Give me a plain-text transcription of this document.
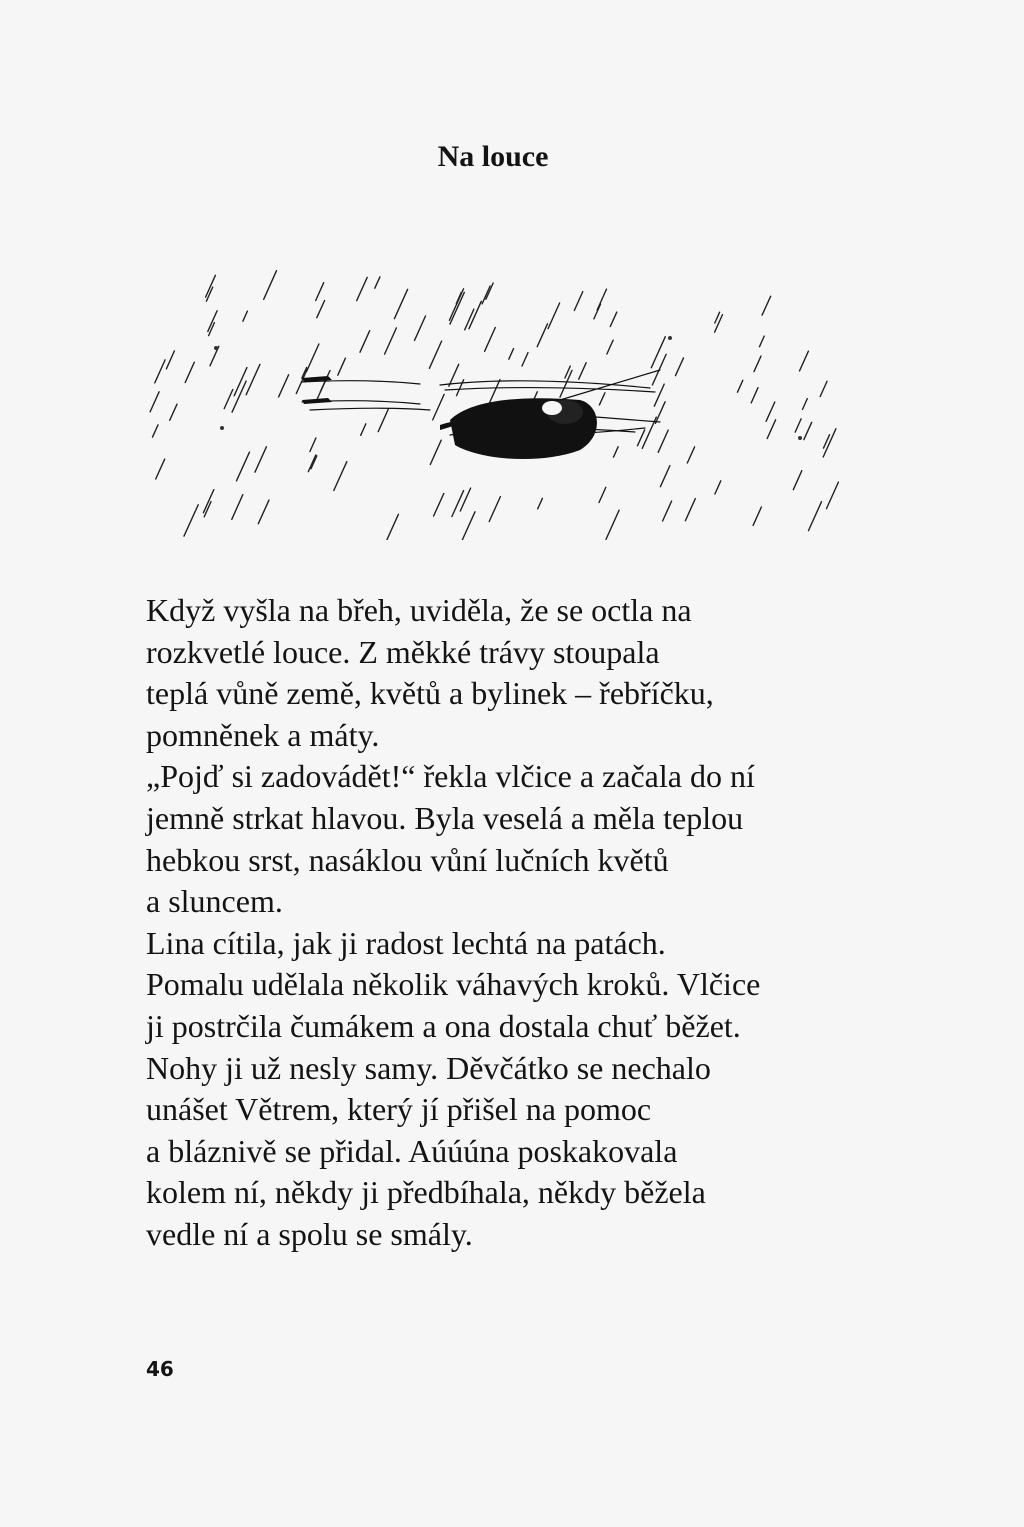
Na louce
Když vyšla na břeh, uviděla, že se octla na
rozkvetlé louce. Z měkké trávy stoupala
teplá vůně země, květů a bylinek – řebříčku,
pomněnek a máty.
„Pojď si zadovádět!“ řekla vlčice a začala do ní
jemně strkat hlavou. Byla veselá a měla teplou
hebkou srst, nasáklou vůní lučních květů
a sluncem.
Lina cítila, jak ji radost lechtá na patách.
Pomalu udělala několik váhavých kroků. Vlčice
ji postrčila čumákem a ona dostala chuť běžet.
Nohy ji už nesly samy. Děvčátko se nechalo
unášet Větrem, který jí přišel na pomoc
a bláznivě se přidal. Aúúúna poskakovala
kolem ní, někdy ji předbíhala, někdy běžela
vedle ní a spolu se smály.

46
